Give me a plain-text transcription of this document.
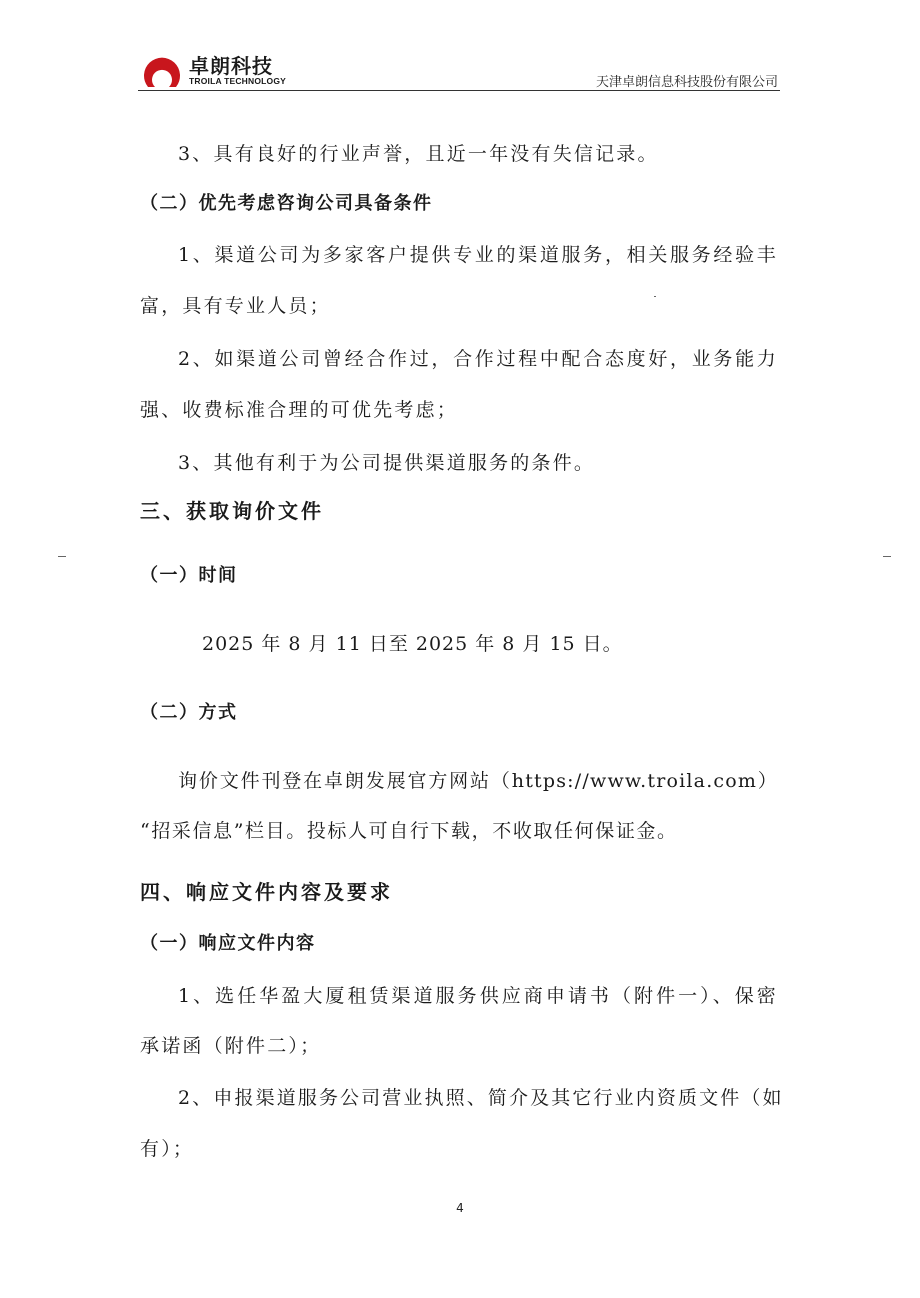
卓朗科技
TROILA TECHNOLOGY	天津卓朗信息科技股份有限公司
3、具有良好的行业声誉，且近一年没有失信记录。
（二）优先考虑咨询公司具备条件
1、渠道公司为多家客户提供专业的渠道服务，相关服务经验丰
富，具有专业人员；
2、如渠道公司曾经合作过，合作过程中配合态度好，业务能力
强、收费标准合理的可优先考虑；
3、其他有利于为公司提供渠道服务的条件。
三、获取询价文件
（一）时间
2025 年 8 月 11 日至 2025 年 8 月 15 日。
（二）方式
询价文件刊登在卓朗发展官方网站（https://www.troila.com）
“招采信息”栏目。投标人可自行下载，不收取任何保证金。
四、响应文件内容及要求
（一）响应文件内容
1、选任华盈大厦租赁渠道服务供应商申请书（附件一）、保密
承诺函（附件二）；
2、申报渠道服务公司营业执照、简介及其它行业内资质文件（如
有）；
4
